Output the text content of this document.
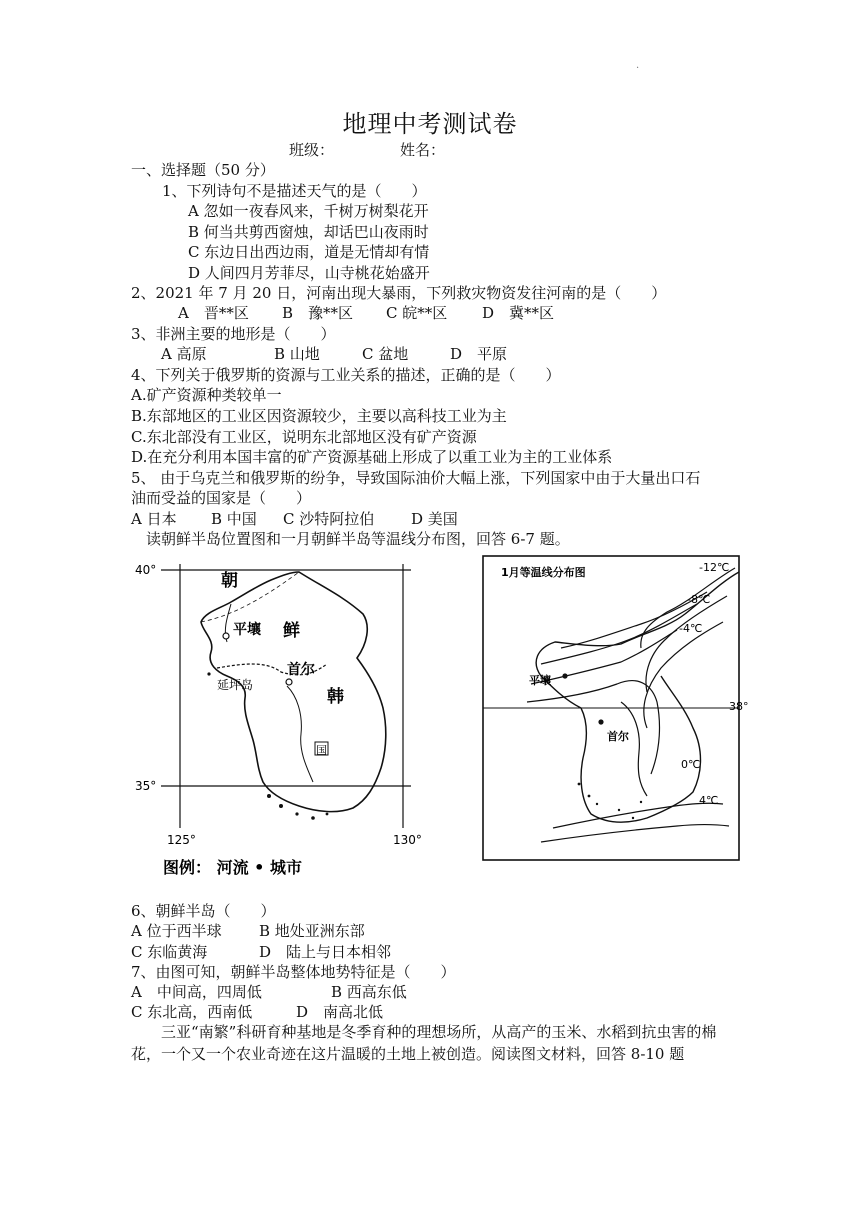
.
地理中考测试卷
班级：	姓名：
一、选择题（50 分）
1、下列诗句不是描述天气的是（　　）
A 忽如一夜春风来，千树万树梨花开
B 何当共剪西窗烛，却话巴山夜雨时
C 东边日出西边雨，道是无情却有情
D 人间四月芳菲尽，山寺桃花始盛开
2、2021 年 7 月 20 日，河南出现大暴雨，下列救灾物资发往河南的是（　　）
A　晋**区 B　豫**区 C 皖**区 D　冀**区
3、非洲主要的地形是（　　）
A 高原	B 山地	C 盆地	D　平原
4、下列关于俄罗斯的资源与工业关系的描述，正确的是（　　）
A.矿产资源种类较单一
B.东部地区的工业区因资源较少，主要以高科技工业为主
C.东北部没有工业区，说明东北部地区没有矿产资源
D.在充分利用本国丰富的矿产资源基础上形成了以重工业为主的工业体系
5、 由于乌克兰和俄罗斯的纷争，导致国际油价大幅上涨，下列国家中由于大量出口石
油而受益的国家是（　　）
A 日本 B 中国 C 沙特阿拉伯 D 美国
读朝鲜半岛位置图和一月朝鲜半岛等温线分布图，回答 6-7 题。
40°
35°
125°	130°
朝
平壤 鲜
首尔
延坪岛
韩
国
图例： 河流 • 城市
1月等温线分布图	-12℃
-8℃
-4℃
0℃
4℃
38°
平壤
首尔
6、朝鲜半岛（　　）
A 位于西半球 B 地处亚洲东部
C 东临黄海	D　陆上与日本相邻
7、由图可知，朝鲜半岛整体地势特征是（　　）
A　中间高，四周低	B 西高东低
C 东北高，西南低	D　南高北低
三亚“南繁”科研育种基地是冬季育种的理想场所，从高产的玉米、水稻到抗虫害的棉
花，一个又一个农业奇迹在这片温暖的土地上被创造。阅读图文材料，回答 8-10 题
